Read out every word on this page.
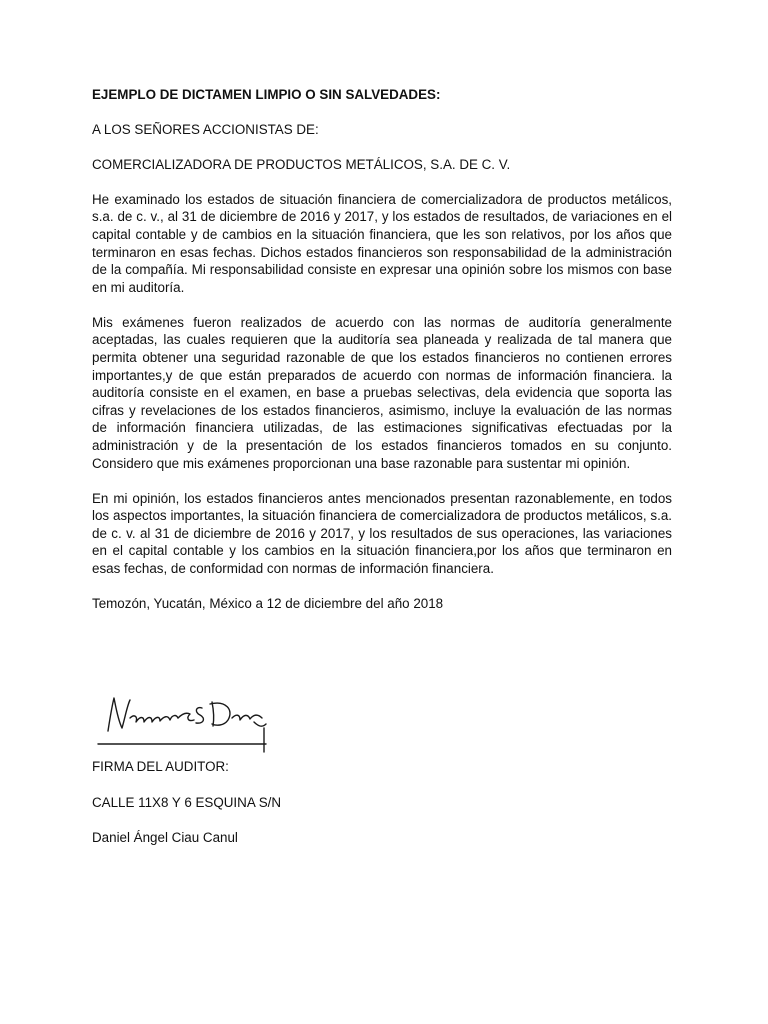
EJEMPLO DE DICTAMEN LIMPIO O SIN SALVEDADES:
A LOS SEÑORES ACCIONISTAS DE:
COMERCIALIZADORA DE PRODUCTOS METÁLICOS, S.A. DE C. V.
He examinado los estados de situación financiera de comercializadora de productos metálicos, s.a. de c. v., al 31 de diciembre de 2016 y 2017, y los estados de resultados, de variaciones en el capital contable y de cambios en la situación financiera, que les son relativos, por los años que terminaron en esas fechas. Dichos estados financieros son responsabilidad de la administración de la compañía. Mi responsabilidad consiste en expresar una opinión sobre los mismos con base en mi auditoría.
Mis exámenes fueron realizados de acuerdo con las normas de auditoría generalmente aceptadas, las cuales requieren que la auditoría sea planeada y realizada de tal manera que permita obtener una seguridad razonable de que los estados financieros no contienen errores importantes,y de que están preparados de acuerdo con normas de información financiera. la auditoría consiste en el examen, en base a pruebas selectivas, dela evidencia que soporta las cifras y revelaciones de los estados financieros, asimismo, incluye la evaluación de las normas de información financiera utilizadas, de las estimaciones significativas efectuadas por la administración y de la presentación de los estados financieros tomados en su conjunto. Considero que mis exámenes proporcionan una base razonable para sustentar mi opinión.
En mi opinión, los estados financieros antes mencionados presentan razonablemente, en todos los aspectos importantes, la situación financiera de comercializadora de productos metálicos, s.a. de c. v. al 31 de diciembre de 2016 y 2017, y los resultados de sus operaciones, las variaciones en el capital contable y los cambios en la situación financiera,por los años que terminaron en esas fechas, de conformidad con normas de información financiera.
Temozón, Yucatán, México a 12 de diciembre del año 2018
FIRMA DEL AUDITOR:
CALLE 11X8 Y 6 ESQUINA S/N
Daniel Ángel Ciau Canul
